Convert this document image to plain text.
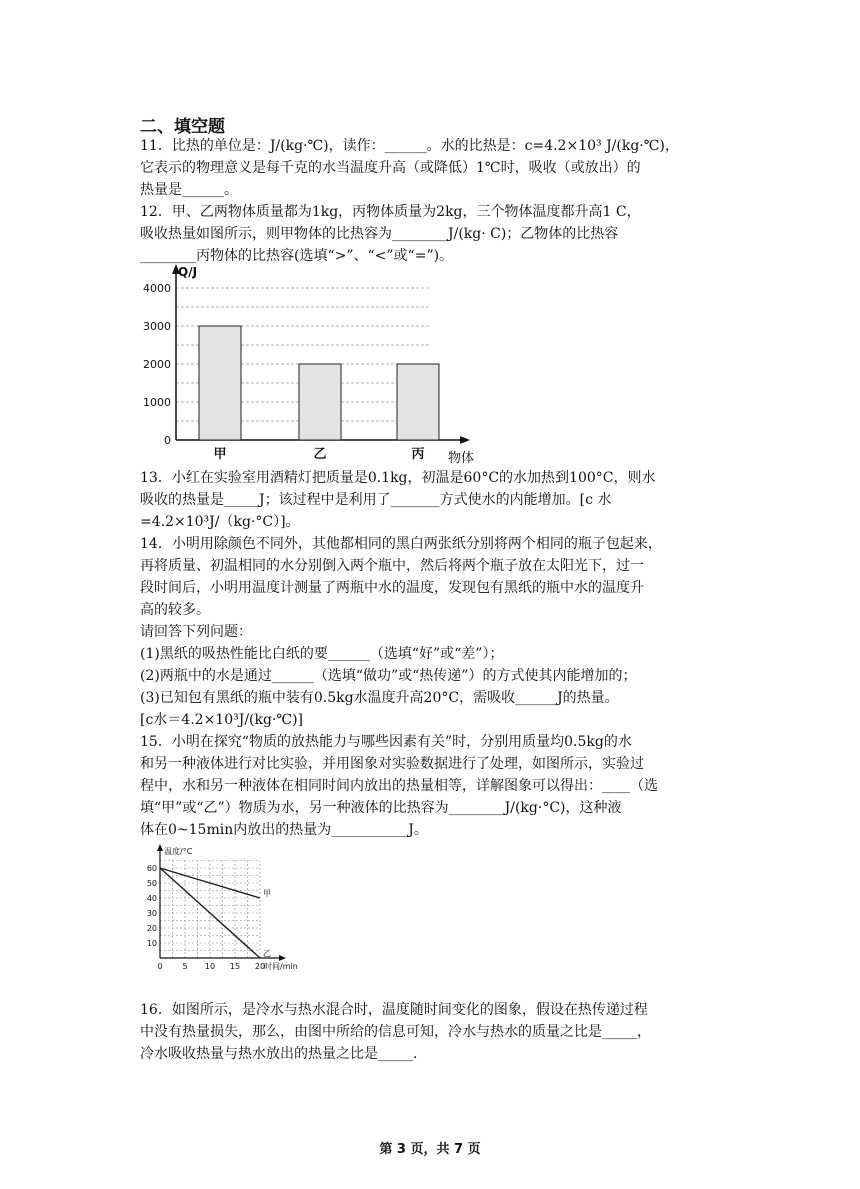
二、填空题
11．比热的单位是：J/(kg·℃)，读作：______。水的比热是：c=4.2×10³ J/(kg·℃)，
它表示的物理意义是每千克的水当温度升高（或降低）1℃时，吸收（或放出）的
热量是______。
12．甲、乙两物体质量都为1kg，丙物体质量为2kg，三个物体温度都升高1 C，
吸收热量如图所示，则甲物体的比热容为________J/(kg· C)；乙物体的比热容
________丙物体的比热容(选填“>”、“<”或“=”)。
0
1000
2000
3000
4000
Q/J
物体
甲	乙	丙
13．小红在实验室用酒精灯把质量是0.1kg，初温是60°C的水加热到100°C，则水
吸收的热量是_____J；该过程中是利用了_______方式使水的内能增加。[c 水
=4.2×10³J/（kg·°C）]。
14．小明用除颜色不同外，其他都相同的黑白两张纸分别将两个相同的瓶子包起来，
再将质量、初温相同的水分别倒入两个瓶中，然后将两个瓶子放在太阳光下，过一
段时间后，小明用温度计测量了两瓶中水的温度，发现包有黑纸的瓶中水的温度升
高的较多。
请回答下列问题：
(1)黑纸的吸热性能比白纸的要______（选填“好”或“差”）；
(2)两瓶中的水是通过______（选填“做功”或“热传递”）的方式使其内能增加的；
(3)已知包有黑纸的瓶中装有0.5kg水温度升高20°C，需吸收______J的热量。
[c水＝4.2×10³J/(kg·℃)]
15．小明在探究“物质的放热能力与哪些因素有关”时，分别用质量均0.5kg的水
和另一种液体进行对比实验，并用图象对实验数据进行了处理，如图所示，实验过
程中，水和另一种液体在相同时间内放出的热量相等，详解图象可以得出：____（选
填“甲”或“乙”）物质为水，另一种液体的比热容为________J/(kg·°C)，这种液
体在0~15min内放出的热量为___________J。
10
20
30
40
50
60
0 5 10 15 20
温度/°C
时间/min
甲
乙
16．如图所示，是冷水与热水混合时，温度随时间变化的图象，假设在热传递过程
中没有热量损失，那么，由图中所给的信息可知，冷水与热水的质量之比是_____，
冷水吸收热量与热水放出的热量之比是_____.
第 3 页，共 7 页
